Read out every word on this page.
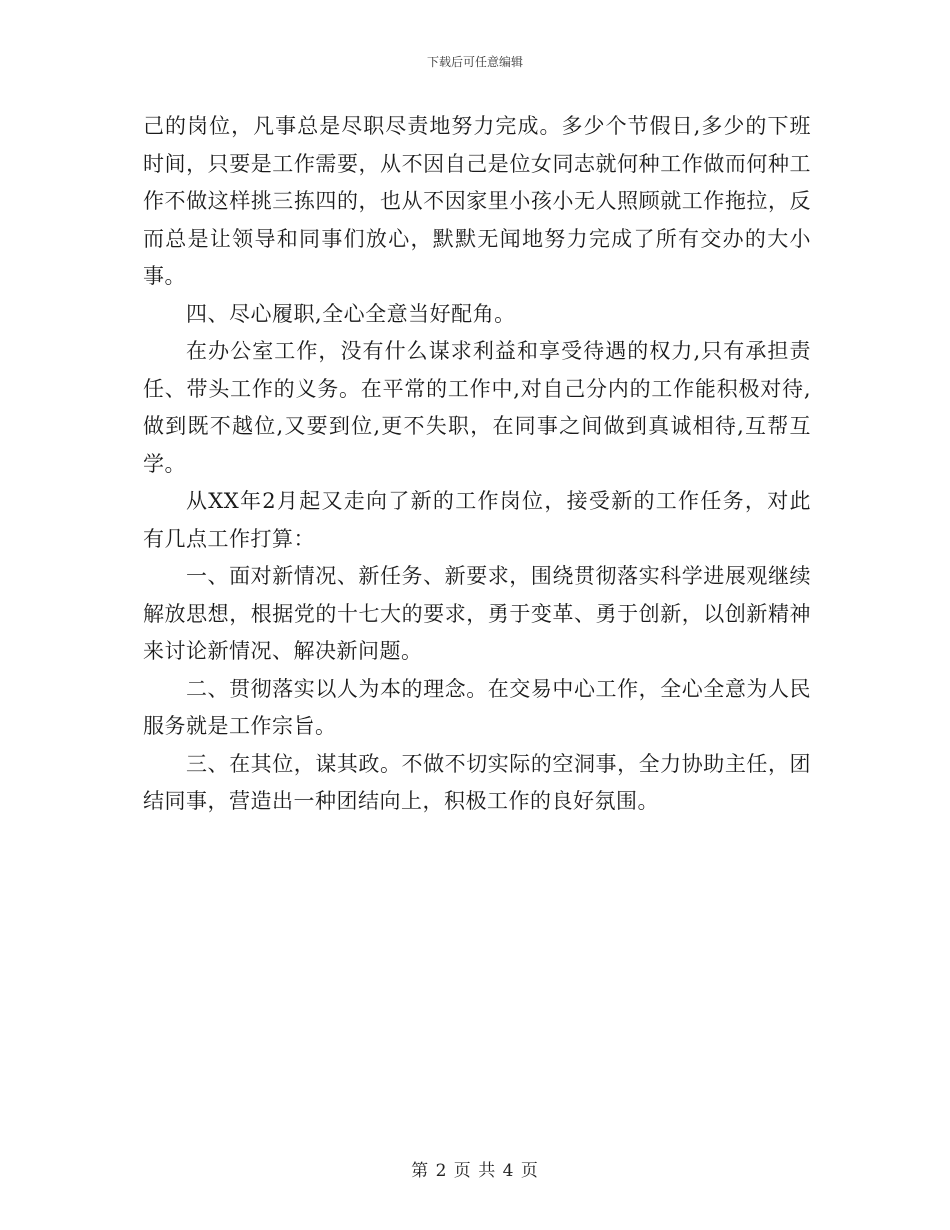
下载后可任意编辑

己的岗位，凡事总是尽职尽责地努力完成。多少个节假日,多少的下班时间，只要是工作需要，从不因自己是位女同志就何种工作做而何种工作不做这样挑三拣四的，也从不因家里小孩小无人照顾就工作拖拉，反而总是让领导和同事们放心，默默无闻地努力完成了所有交办的大小事。

四、尽心履职,全心全意当好配角。

在办公室工作，没有什么谋求利益和享受待遇的权力,只有承担责任、带头工作的义务。在平常的工作中,对自己分内的工作能积极对待,做到既不越位,又要到位,更不失职，在同事之间做到真诚相待,互帮互学。

从XX年2月起又走向了新的工作岗位，接受新的工作任务，对此有几点工作打算：

一、面对新情况、新任务、新要求，围绕贯彻落实科学进展观继续解放思想，根据党的十七大的要求，勇于变革、勇于创新，以创新精神来讨论新情况、解决新问题。

二、贯彻落实以人为本的理念。在交易中心工作，全心全意为人民服务就是工作宗旨。

三、在其位，谋其政。不做不切实际的空洞事，全力协助主任，团结同事，营造出一种团结向上，积极工作的良好氛围。

第 2 页 共 4 页
